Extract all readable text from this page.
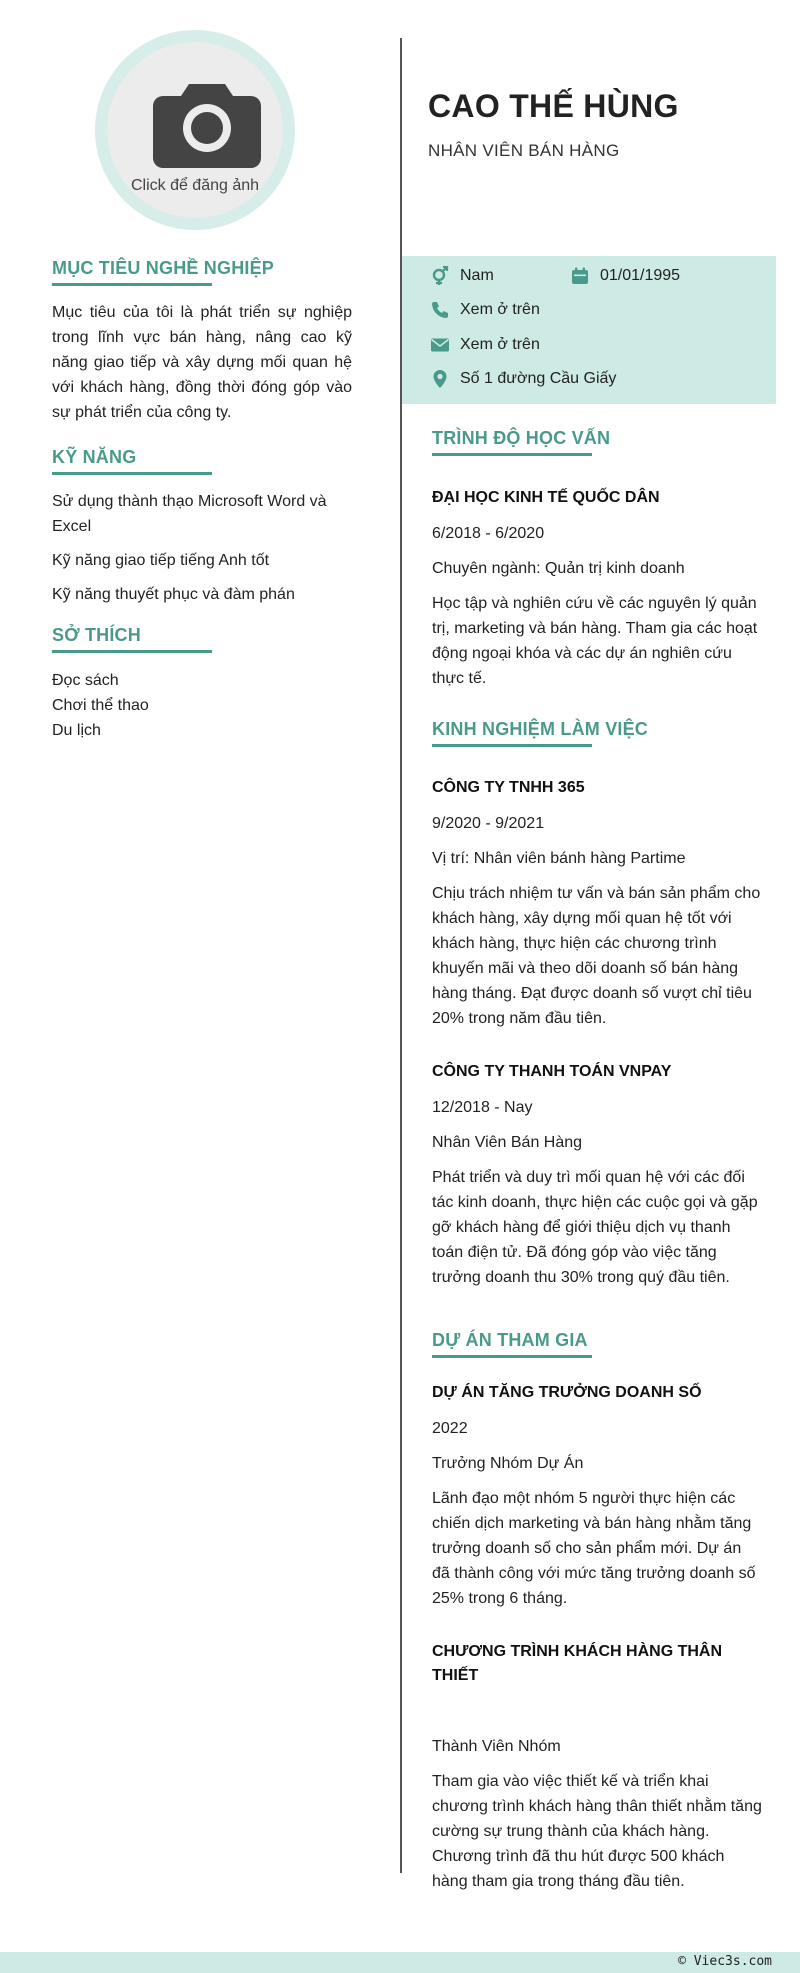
Click để đăng ảnh
MỤC TIÊU NGHỀ NGHIỆP
Mục tiêu của tôi là phát triển sự nghiệp trong lĩnh vực bán hàng, nâng cao kỹ năng giao tiếp và xây dựng mối quan hệ với khách hàng, đồng thời đóng góp vào sự phát triển của công ty.
KỸ NĂNG
Sử dụng thành thạo Microsoft Word và Excel
Kỹ năng giao tiếp tiếng Anh tốt
Kỹ năng thuyết phục và đàm phán
SỞ THÍCH
Đọc sách
Chơi thể thao
Du lịch
CAO THẾ HÙNG
NHÂN VIÊN BÁN HÀNG
Nam	01/01/1995
Xem ở trên
Xem ở trên
Số 1 đường Cầu Giấy
TRÌNH ĐỘ HỌC VẤN
ĐẠI HỌC KINH TẾ QUỐC DÂN
6/2018 - 6/2020
Chuyên ngành: Quản trị kinh doanh
Học tập và nghiên cứu về các nguyên lý quản trị, marketing và bán hàng. Tham gia các hoạt động ngoại khóa và các dự án nghiên cứu thực tế.
KINH NGHIỆM LÀM VIỆC
CÔNG TY TNHH 365
9/2020 - 9/2021
Vị trí: Nhân viên bánh hàng Partime
Chịu trách nhiệm tư vấn và bán sản phẩm cho khách hàng, xây dựng mối quan hệ tốt với khách hàng, thực hiện các chương trình khuyến mãi và theo dõi doanh số bán hàng hàng tháng. Đạt được doanh số vượt chỉ tiêu 20% trong năm đầu tiên.
CÔNG TY THANH TOÁN VNPAY
12/2018 - Nay
Nhân Viên Bán Hàng
Phát triển và duy trì mối quan hệ với các đối tác kinh doanh, thực hiện các cuộc gọi và gặp gỡ khách hàng để giới thiệu dịch vụ thanh toán điện tử. Đã đóng góp vào việc tăng trưởng doanh thu 30% trong quý đầu tiên.
DỰ ÁN THAM GIA
DỰ ÁN TĂNG TRƯỞNG DOANH SỐ
2022
Trưởng Nhóm Dự Án
Lãnh đạo một nhóm 5 người thực hiện các chiến dịch marketing và bán hàng nhằm tăng trưởng doanh số cho sản phẩm mới. Dự án đã thành công với mức tăng trưởng doanh số 25% trong 6 tháng.
CHƯƠNG TRÌNH KHÁCH HÀNG THÂN THIẾT
Thành Viên Nhóm
Tham gia vào việc thiết kế và triển khai chương trình khách hàng thân thiết nhằm tăng cường sự trung thành của khách hàng. Chương trình đã thu hút được 500 khách hàng tham gia trong tháng đầu tiên.
© Viec3s.com
